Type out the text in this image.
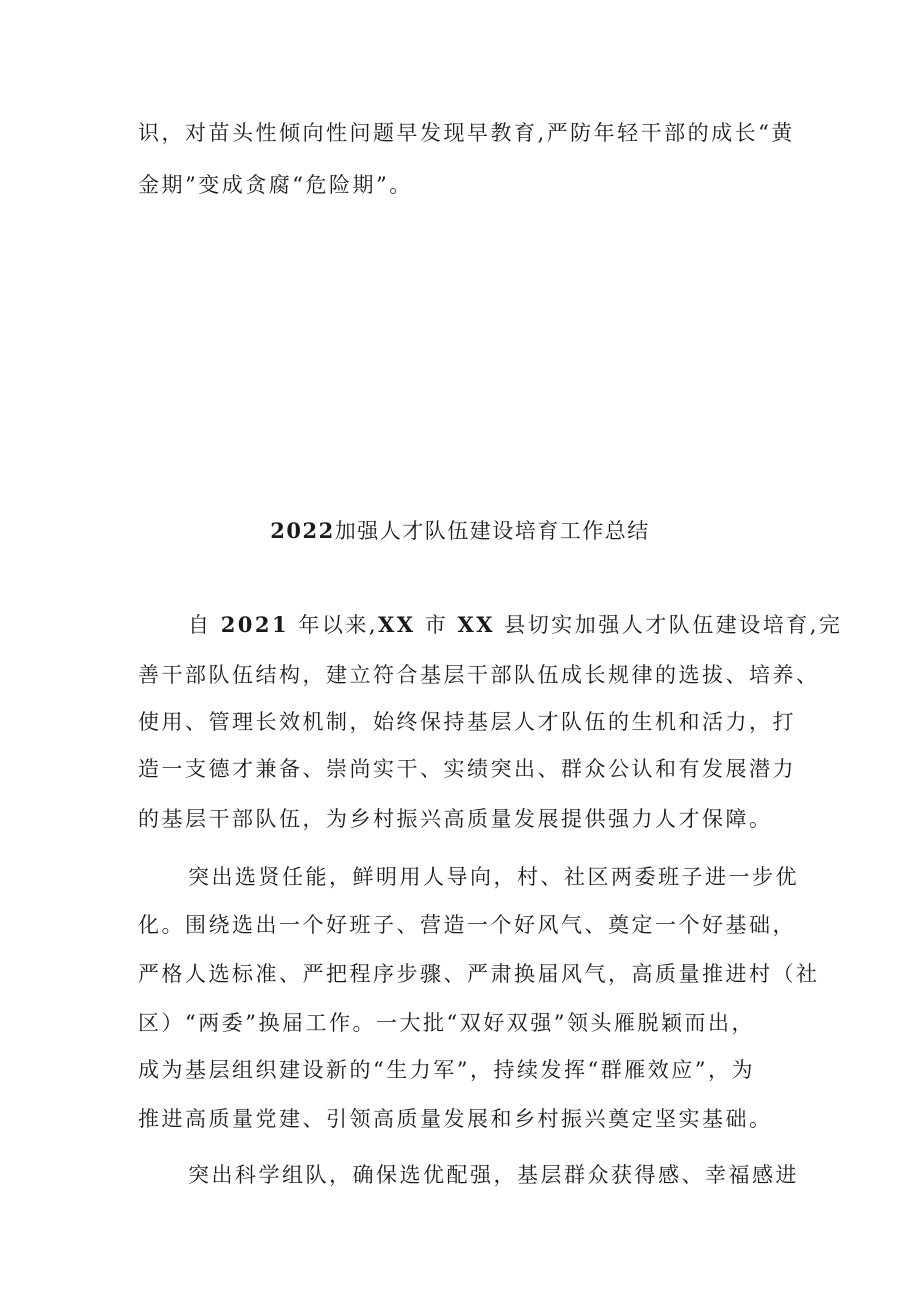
识，对苗头性倾向性问题早发现早教育,严防年轻干部的成长“黄

金期”变成贪腐“危险期”。

2022加强人才队伍建设培育工作总结

自 2021 年以来,XX 市 XX 县切实加强人才队伍建设培育,完

善干部队伍结构，建立符合基层干部队伍成长规律的选拔、培养、

使用、管理长效机制，始终保持基层人才队伍的生机和活力，打

造一支德才兼备、崇尚实干、实绩突出、群众公认和有发展潜力

的基层干部队伍，为乡村振兴高质量发展提供强力人才保障。

突出选贤任能，鲜明用人导向，村、社区两委班子进一步优

化。围绕选出一个好班子、营造一个好风气、奠定一个好基础，

严格人选标准、严把程序步骤、严肃换届风气，高质量推进村（社

区）“两委”换届工作。一大批“双好双强”领头雁脱颖而出，

成为基层组织建设新的“生力军”，持续发挥“群雁效应”，为

推进高质量党建、引领高质量发展和乡村振兴奠定坚实基础。

突出科学组队，确保选优配强，基层群众获得感、幸福感进
